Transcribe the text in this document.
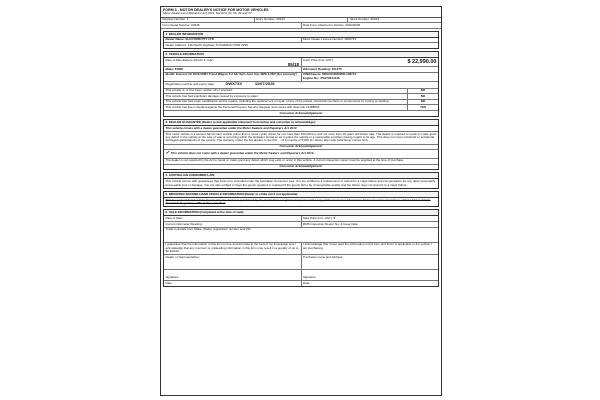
FORM 3 - MOTOR DEALER'S NOTICE FOR MOTOR VEHICLES
Motor Dealers and Repairers Act 2013: Sections 92, 93, 94 and 72
Register Number: 1	Entry Number: 20343	Stock Number: 20343
Form Serial Number: 03345	Date Form Attached to Vehicle: 23/02/2026
1. DEALER INFORMATION
Dealer Name: ELN FORD PTY LTD	Motor Dealer Licence Number: MD0723
Dealer Address: 136 Pacific Highway TUGGERAH NSW 2259
2. VEHICLE INFORMATION
Date of Manufacture (Month & Year)
05/18
Cash Price (incl. GST)	$ 22,990.00
Make: FORD	Odometer Reading: 261575
Model: Everest UA 2018.00MY Trend Wagon 7st 4dr Spts Auto 6sp 4WD 3.2DT [6yr warranty]	VIN/Chassis: MNAUUXMAWJL136710
Engine No.: P5AT2644146
Registration number and expiry date:	DWX73X	11/07/2026
This vehicle is, or has been, written off or wrecked:	NO
This vehicle has had significant damage caused by exposure to water:	NO
This vehicle has had major modification and/or repairs, including the replacement or repair of any of the panels, structural members or components by cutting or welding:	NO
This vehicle has been checked against the Personal Property Security Register and comes with clear title 14488831:	YES
Consumer Acknowledgement:
3. DEALER GUARANTEE (Dealer to tick applicable statement from below and consumer to acknowledge):
This vehicle comes with a dealer guarantee under the Motor Dealers and Repairers Act 2013.
This motor vehicle is a second-hand motor vehicle (other than a motor cycle) driven for not more than 160,000 km and not more than 10 years old before sale. The dealer is required to repair or make good any defect in the vehicle at the sale of sale or occurring within the limitation period so as to place the vehicle in a reasonable condition having regard to its age. This does not cover incidental or accidental damage/repairs/defects of the vehicle. The warranty under the Act applies to the first ... of 3 months or 5,000 km driven after sale (whichever comes first).
Consumer Acknowledgement:
✓ This vehicle does not come with a dealer guarantee under the Motor Dealers and Repairers Act 2013.
The dealer is not required by the Act to repair or make good any defect which may exist or occur in this vehicle. A current inspection report must be supplied at the time of purchase.
Consumer Acknowledgement:
4. AUSTRALIAN CONSUMER LAW:
This vehicle comes with guarantees that cannot be excluded under the Australian Consumer Law. You are entitled to a replacement or refund for a major failure and compensation for any other reasonably foreseeable loss or damage. You are also entitled to have the goods repaired or replaced if the goods fail to be of acceptable quality and the failure does not amount to a major failure.
5. IMPORTED SECOND-HAND VEHICLE INFORMATION (Dealer to strike out if not applicable):
This is a second-hand vehicle imported by the dealer or purchased by the dealer from a registered importer and a copy of the Consumer Information Notice issued in accordance with the Motor Vehicle Standards Regulation 1989 (Cth) is attached.
6. SALE INFORMATION (Completed at the time of sale):
Date of Sale:	Sale Price (incl. GST): $
Current Odometer Reading:	RMS Inspection Report No. & Issue Date:
Trade-In details (incl. Make, Model, registration number and VIN
I guarantee that the information in this form is true and accurate to the best of my knowledge and I acknowledge that any incorrect or misleading information in this form may result in a penalty of up to $2,200.00.
I acknowledge that I have read the information in this form and that it is applicable to the vehicle I am purchasing.
Dealer or Representative:	Purchaser name and address:
Signature	Signature
Date:	Date:
